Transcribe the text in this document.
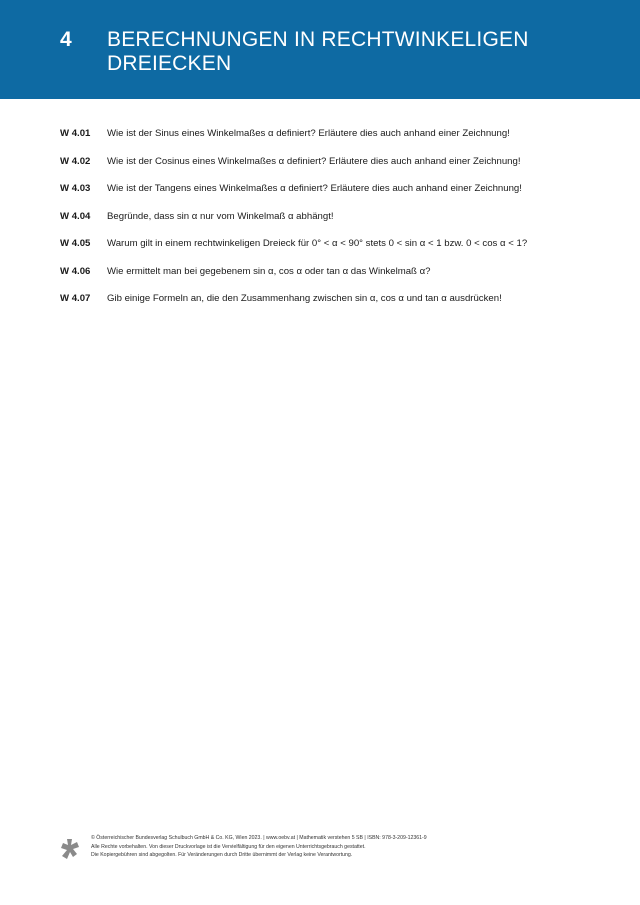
4 BERECHNUNGEN IN RECHTWINKELIGEN DREIECKEN
W 4.01	Wie ist der Sinus eines Winkelmaßes α definiert? Erläutere dies auch anhand einer Zeichnung!
W 4.02	Wie ist der Cosinus eines Winkelmaßes α definiert? Erläutere dies auch anhand einer Zeichnung!
W 4.03	Wie ist der Tangens eines Winkelmaßes α definiert? Erläutere dies auch anhand einer Zeichnung!
W 4.04	Begründe, dass sin α nur vom Winkelmaß α abhängt!
W 4.05	Warum gilt in einem rechtwinkeligen Dreieck für 0° < α < 90° stets 0 < sin α < 1 bzw. 0 < cos α < 1?
W 4.06	Wie ermittelt man bei gegebenem sin α, cos α oder tan α das Winkelmaß α?
W 4.07	Gib einige Formeln an, die den Zusammenhang zwischen sin α, cos α und tan α ausdrücken!
© Österreichischer Bundesverlag Schulbuch GmbH & Co. KG, Wien 2023. | www.oebv.at | Mathematik verstehen 5 SB | ISBN: 978-3-209-12361-9
Alle Rechte vorbehalten. Von dieser Druckvorlage ist die Vervielfältigung für den eigenen Unterrichtsgebrauch gestattet.
Die Kopiergebühren sind abgegolten. Für Veränderungen durch Dritte übernimmt der Verlag keine Verantwortung.
